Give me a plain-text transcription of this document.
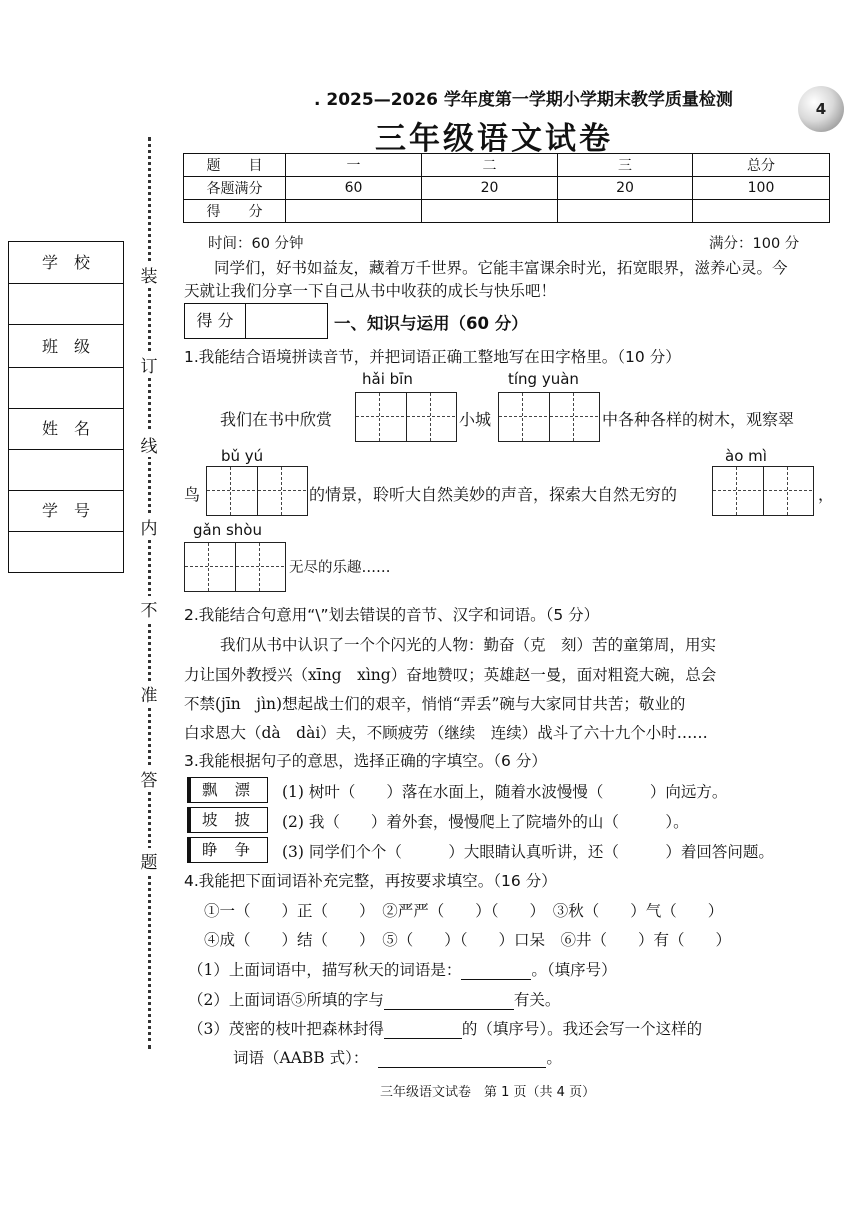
4
. 2025—2026 学年度第一学期小学期末教学质量检测
三年级语文试卷
题　　目	一	二	三	总分
各题满分	60	20	20	100
得　　分				
时间：60 分钟	满分：100 分
同学们，好书如益友，藏着万千世界。它能丰富课余时光，拓宽眼界，滋养心灵。今
天就让我们分享一下自己从书中收获的成长与快乐吧！
学　校
班　级
姓　名
学　号
装
订
线
内
不
准
答
题
得 分	一、知识与运用（60 分）
1.我能结合语境拼读音节，并把词语正确工整地写在田字格里。（10 分）
hǎi bīn	tíng yuàn
我们在书中欣赏	小城	中各种各样的树木，观察翠
bǔ yú	ào mì
鸟	的情景，聆听大自然美妙的声音，探索大自然无穷的	，
gǎn shòu
无尽的乐趣……
2.我能结合句意用“\”划去错误的音节、汉字和词语。（5 分）
我们从书中认识了一个个闪光的人物：勤奋（克　刻）苦的童第周，用实
力让国外教授兴（xīng　xìng）奋地赞叹；英雄赵一曼，面对粗瓷大碗，总会
不禁(jīn　jìn)想起战士们的艰辛，悄悄“弄丢”碗与大家同甘共苦；敬业的
白求恩大（dà　dài）夫，不顾疲劳（继续　连续）战斗了六十九个小时……
3.我能根据句子的意思，选择正确的字填空。（6 分）
飘 漂	(1) 树叶（　　）落在水面上，随着水波慢慢（　　　）向远方。
坡 披	(2) 我（　　）着外套，慢慢爬上了院墙外的山（　　　）。
睁 争	(3) 同学们个个（　　　）大眼睛认真听讲，还（　　　）着回答问题。
4.我能把下面词语补充完整，再按要求填空。（16 分）
①一（　　）正（　　）　②严严（　　）（　　）　③秋（　　）气（　　）
④成（　　）结（　　）　⑤（　　）（　　）口呆　⑥井（　　）有（　　）
（1）上面词语中，描写秋天的词语是：	。（填序号）
（2）上面词语⑤所填的字与	有关。
（3）茂密的枝叶把森林封得	的（填序号）。我还会写一个这样的
词语（AABB 式）：	。
三年级语文试卷　第 1 页（共 4 页）
